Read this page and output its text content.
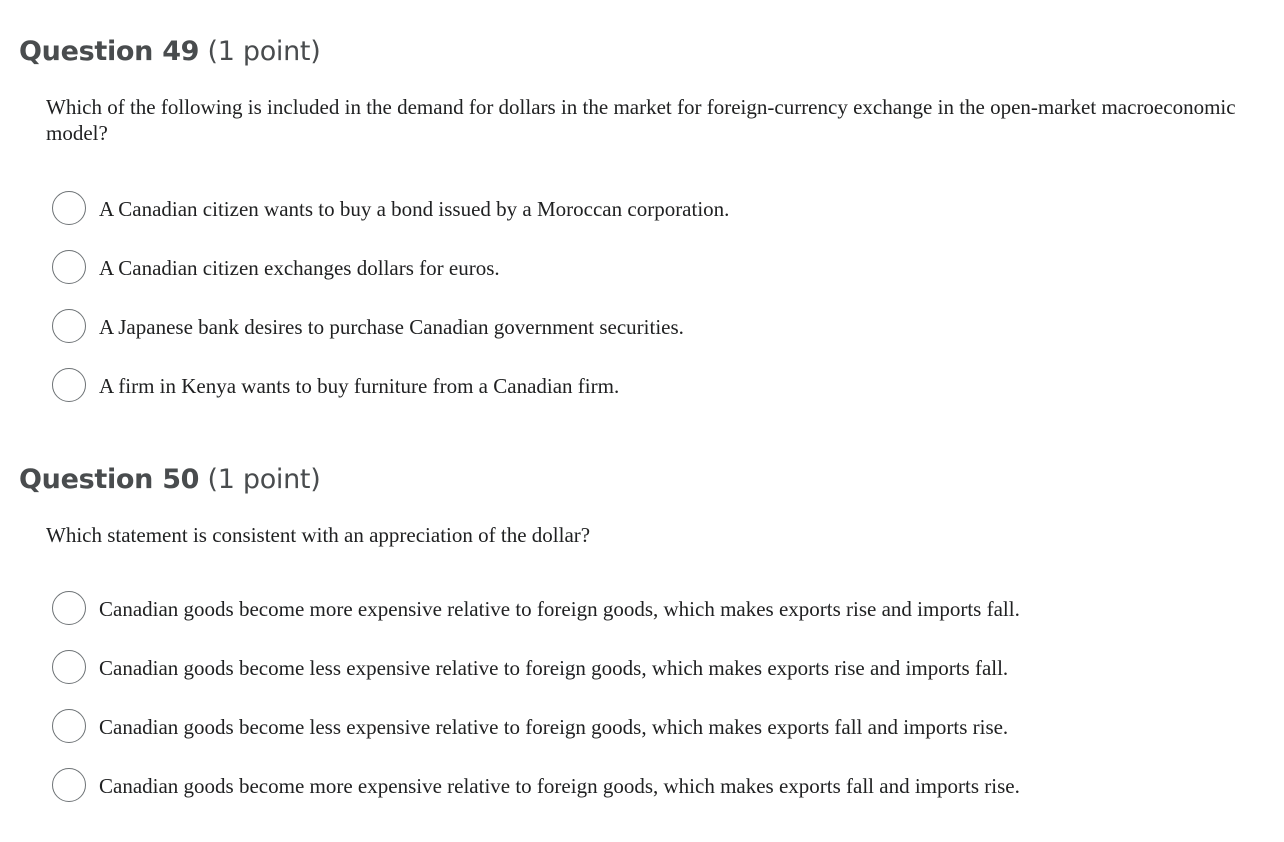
Question 49 (1 point)

Which of the following is included in the demand for dollars in the market for foreign-currency exchange in the open-market macroeconomic model?

A Canadian citizen wants to buy a bond issued by a Moroccan corporation.
A Canadian citizen exchanges dollars for euros.
A Japanese bank desires to purchase Canadian government securities.
A firm in Kenya wants to buy furniture from a Canadian firm.
Question 50 (1 point)

Which statement is consistent with an appreciation of the dollar?

Canadian goods become more expensive relative to foreign goods, which makes exports rise and imports fall.
Canadian goods become less expensive relative to foreign goods, which makes exports rise and imports fall.
Canadian goods become less expensive relative to foreign goods, which makes exports fall and imports rise.
Canadian goods become more expensive relative to foreign goods, which makes exports fall and imports rise.
